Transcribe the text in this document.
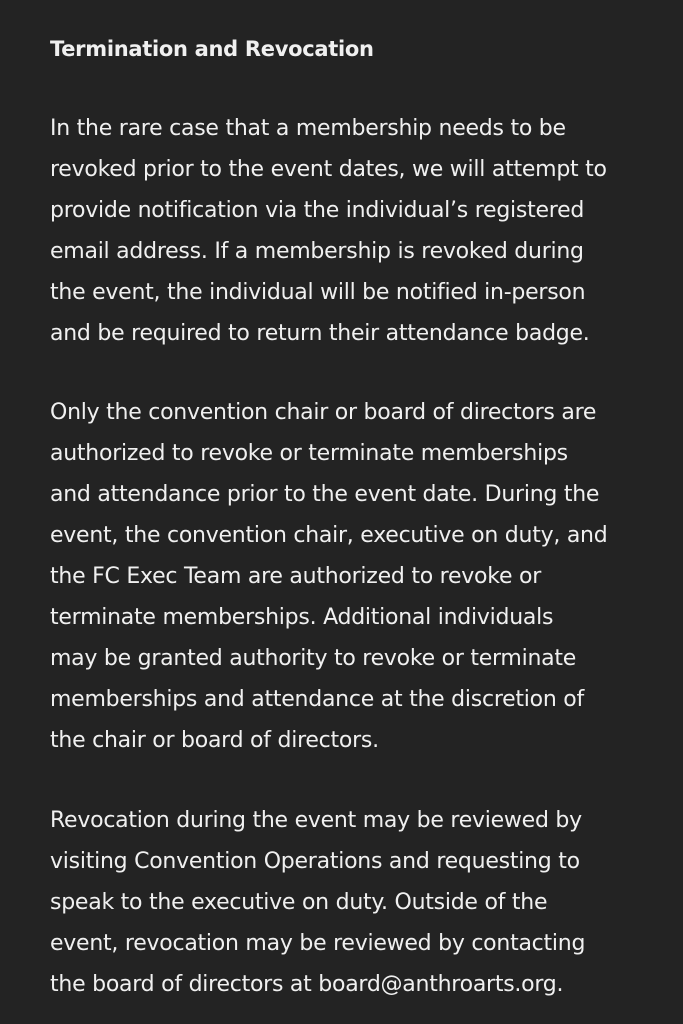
Termination and Revocation

In the rare case that a membership needs to be
revoked prior to the event dates, we will attempt to
provide notification via the individual’s registered
email address. If a membership is revoked during
the event, the individual will be notified in-person
and be required to return their attendance badge.

Only the convention chair or board of directors are
authorized to revoke or terminate memberships
and attendance prior to the event date. During the
event, the convention chair, executive on duty, and
the FC Exec Team are authorized to revoke or
terminate memberships. Additional individuals
may be granted authority to revoke or terminate
memberships and attendance at the discretion of
the chair or board of directors.

Revocation during the event may be reviewed by
visiting Convention Operations and requesting to
speak to the executive on duty. Outside of the
event, revocation may be reviewed by contacting
the board of directors at board@anthroarts.org.
